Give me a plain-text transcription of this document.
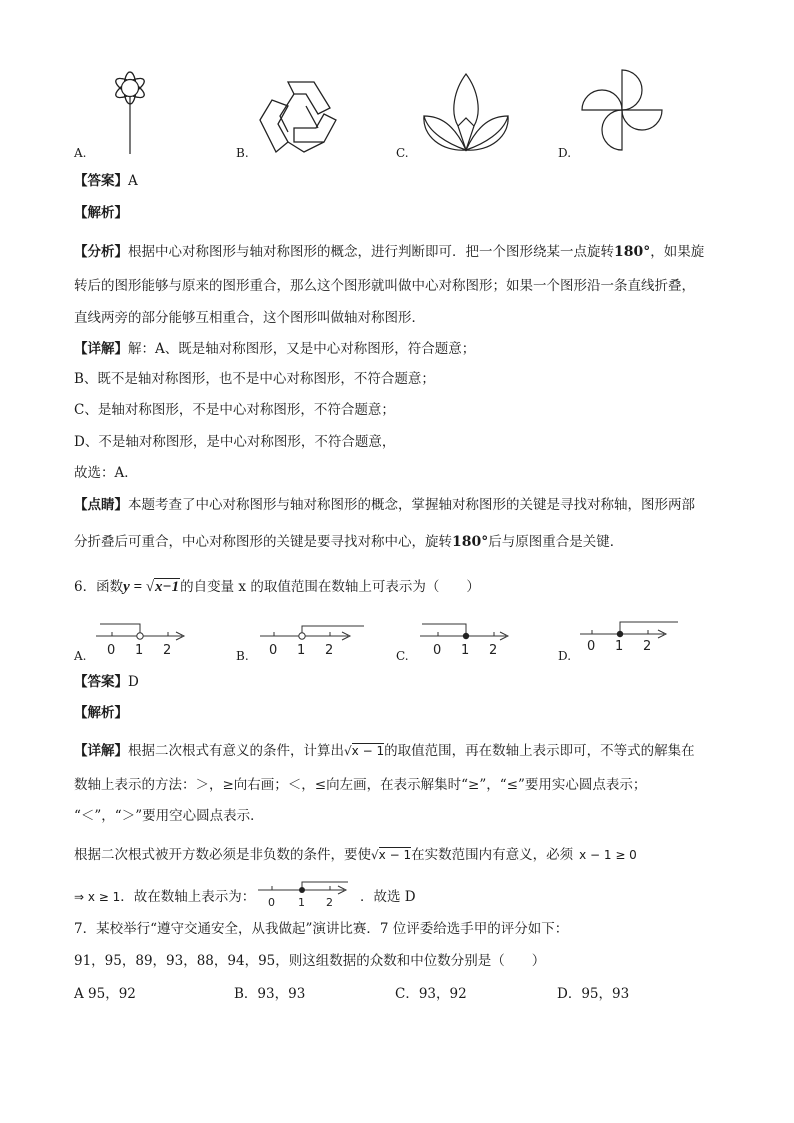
A.	B.	C.	D.
【答案】A
【解析】
【分析】根据中心对称图形与轴对称图形的概念，进行判断即可．把一个图形绕某一点旋转180°，如果旋
转后的图形能够与原来的图形重合，那么这个图形就叫做中心对称图形；如果一个图形沿一条直线折叠，
直线两旁的部分能够互相重合，这个图形叫做轴对称图形．
【详解】解：A、既是轴对称图形，又是中心对称图形，符合题意；
B、既不是轴对称图形，也不是中心对称图形，不符合题意；
C、是轴对称图形，不是中心对称图形，不符合题意；
D、不是轴对称图形，是中心对称图形，不符合题意，
故选：A．
【点睛】本题考查了中心对称图形与轴对称图形的概念，掌握轴对称图形的关键是寻找对称轴，图形两部
分折叠后可重合，中心对称图形的关键是要寻找对称中心，旋转180°后与原图重合是关键．
6．函数y = √x−1的自变量 x 的取值范围在数轴上可表示为（　　）
0 1 2	0 1 2	0 1 2	0 1 2
A.	B.	C.	D.
【答案】D
【解析】
【详解】根据二次根式有意义的条件，计算出√x − 1的取值范围，再在数轴上表示即可，不等式的解集在
数轴上表示的方法：＞，≥向右画；＜，≤向左画，在表示解集时“≥”，“≤”要用实心圆点表示；
“＜”，“＞”要用空心圆点表示．
根据二次根式被开方数必须是非负数的条件，要使√x − 1在实数范围内有意义，必须 x − 1 ≥ 0
⇒ x ≥ 1．故在数轴上表示为： 0 1 2 ．故选 D
7．某校举行“遵守交通安全，从我做起”演讲比赛．7 位评委给选手甲的评分如下：
91，95，89，93，88，94，95，则这组数据的众数和中位数分别是（　　）
A 95，92	B．93，93	C．93，92	D．95，93
